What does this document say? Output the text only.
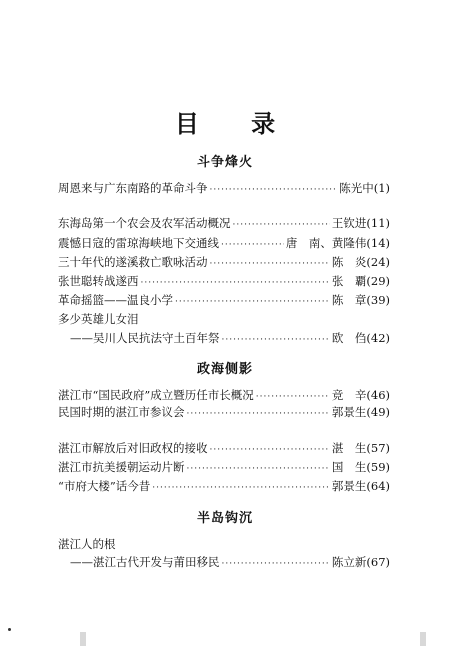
目 录
斗争烽火
周恩来与广东南路的革命斗争 ·····	陈光中(1)
东海岛第一个农会及农军活动概况 ·····	王钦进(11)
震憾日寇的雷琼海峡地下交通线 ·····	唐　南、黄隆伟(14)
三十年代的遂溪救亡歌咏活动 ·····	陈　炎(24)
张世聪转战遂西 ·····	张　覇(29)
革命摇篮——温良小学 ·····	陈　章(39)
多少英雄儿女泪
——吴川人民抗法守土百年祭 ·····	欧　㑇(42)
政海侧影
湛江市“国民政府”成立暨历任市长概况 ·····	竞　辛(46)
民国时期的湛江市参议会 ·····	郭景生(49)
湛江市解放后对旧政权的接收 ·····	湛　生(57)
湛江市抗美援朝运动片断 ·····	国　生(59)
“市府大楼”话今昔 ·····	郭景生(64)
半岛钩沉
湛江人的根
——湛江古代开发与莆田移民 ·····	陈立新(67)
